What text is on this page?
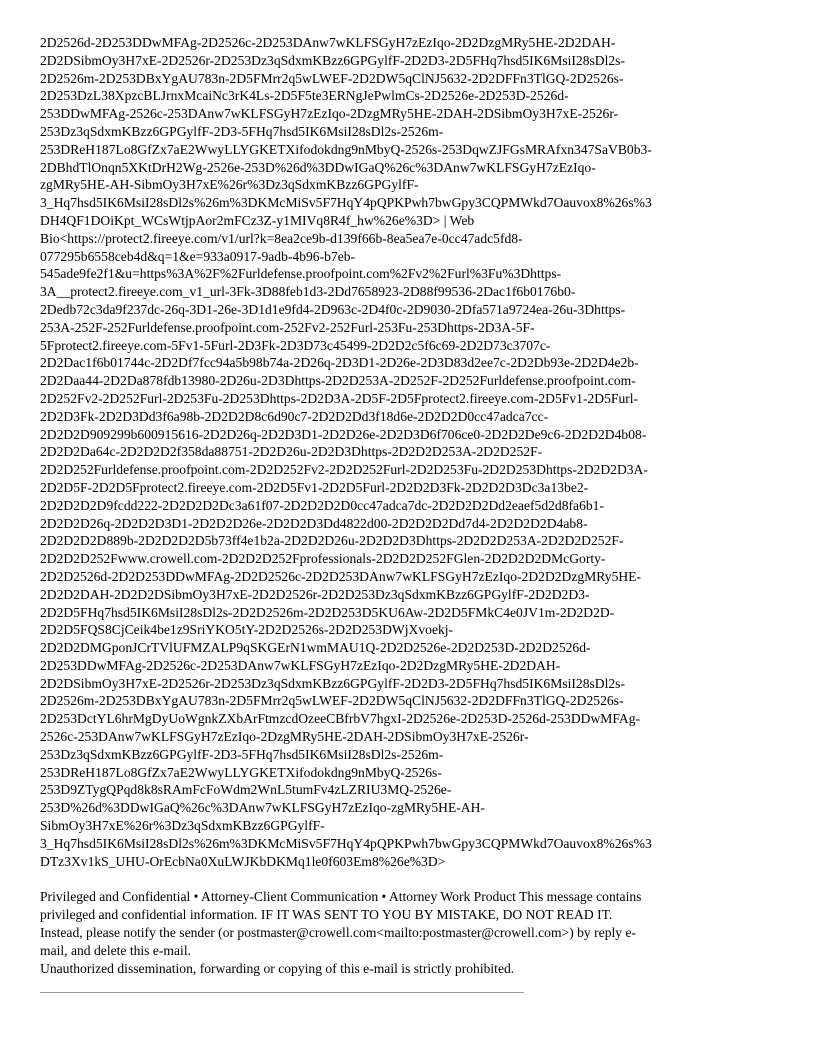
2D2526d-2D253DDwMFAg-2D2526c-2D253DAnw7wKLFSGyH7zEzIqo-2D2DzgMRy5HE-2D2DAH-
2D2DSibmOy3H7xE-2D2526r-2D253Dz3qSdxmKBzz6GPGylfF-2D2D3-2D5FHq7hsd5IK6MsiI28sDl2s-
2D2526m-2D253DBxYgAU783n-2D5FMrr2q5wLWEF-2D2DW5qClNJ5632-2D2DFFn3TlGQ-2D2526s-
2D253DzL38XpzcBLJrnxMcaiNc3rK4Ls-2D5F5te3ERNgJePwlmCs-2D2526e-2D253D-2526d-
253DDwMFAg-2526c-253DAnw7wKLFSGyH7zEzIqo-2DzgMRy5HE-2DAH-2DSibmOy3H7xE-2526r-
253Dz3qSdxmKBzz6GPGylfF-2D3-5FHq7hsd5IK6MsiI28sDl2s-2526m-
253DReH187Lo8GfZx7aE2WwyLLYGKETXifodokdng9nMbyQ-2526s-253DqwZJFGsMRAfxn347SaVB0b3-
2DBhdTlOnqn5XKtDrH2Wg-2526e-253D%26d%3DDwIGaQ%26c%3DAnw7wKLFSGyH7zEzIqo-
zgMRy5HE-AH-SibmOy3H7xE%26r%3Dz3qSdxmKBzz6GPGylfF-
3_Hq7hsd5IK6MsiI28sDl2s%26m%3DKMcMiSv5F7HqY4pQPKPwh7bwGpy3CQPMWkd7Oauvox8%26s%3
DH4QF1DOiKpt_WCsWtjpAor2mFCz3Z-y1MIVq8R4f_hw%26e%3D> | Web
Bio<https://protect2.fireeye.com/v1/url?k=8ea2ce9b-d139f66b-8ea5ea7e-0cc47adc5fd8-
077295b6558ceb4d&q=1&e=933a0917-9adb-4b96-b7eb-
545ade9fe2f1&u=https%3A%2F%2Furldefense.proofpoint.com%2Fv2%2Furl%3Fu%3Dhttps-
3A__protect2.fireeye.com_v1_url-3Fk-3D88feb1d3-2Dd7658923-2D88f99536-2Dac1f6b0176b0-
2Dedb72c3da9f237dc-26q-3D1-26e-3D1d1e9fd4-2D963c-2D4f0c-2D9030-2Dfa571a9724ea-26u-3Dhttps-
253A-252F-252Furldefense.proofpoint.com-252Fv2-252Furl-253Fu-253Dhttps-2D3A-5F-
5Fprotect2.fireeye.com-5Fv1-5Furl-2D3Fk-2D3D73c45499-2D2D2c5f6c69-2D2D73c3707c-
2D2Dac1f6b01744c-2D2Df7fcc94a5b98b74a-2D26q-2D3D1-2D26e-2D3D83d2ee7c-2D2Db93e-2D2D4e2b-
2D2Daa44-2D2Da878fdb13980-2D26u-2D3Dhttps-2D2D253A-2D252F-2D252Furldefense.proofpoint.com-
2D252Fv2-2D252Furl-2D253Fu-2D253Dhttps-2D2D3A-2D5F-2D5Fprotect2.fireeye.com-2D5Fv1-2D5Furl-
2D2D3Fk-2D2D3Dd3f6a98b-2D2D2D8c6d90c7-2D2D2Dd3f18d6e-2D2D2D0cc47adca7cc-
2D2D2D909299b600915616-2D2D26q-2D2D3D1-2D2D26e-2D2D3D6f706ce0-2D2D2De9c6-2D2D2D4b08-
2D2D2Da64c-2D2D2D2f358da88751-2D2D26u-2D2D3Dhttps-2D2D2D253A-2D2D252F-
2D2D252Furldefense.proofpoint.com-2D2D252Fv2-2D2D252Furl-2D2D253Fu-2D2D253Dhttps-2D2D2D3A-
2D2D5F-2D2D5Fprotect2.fireeye.com-2D2D5Fv1-2D2D5Furl-2D2D2D3Fk-2D2D2D3Dc3a13be2-
2D2D2D2D9fcdd222-2D2D2D2Dc3a61f07-2D2D2D2D0cc47adca7dc-2D2D2D2Dd2eaef5d2d8fa6b1-
2D2D2D26q-2D2D2D3D1-2D2D2D26e-2D2D2D3Dd4822d00-2D2D2D2Dd7d4-2D2D2D2D4ab8-
2D2D2D2D889b-2D2D2D2D5b73ff4e1b2a-2D2D2D26u-2D2D2D3Dhttps-2D2D2D253A-2D2D2D252F-
2D2D2D252Fwww.crowell.com-2D2D2D252Fprofessionals-2D2D2D252FGlen-2D2D2D2DMcGorty-
2D2D2526d-2D2D253DDwMFAg-2D2D2526c-2D2D253DAnw7wKLFSGyH7zEzIqo-2D2D2DzgMRy5HE-
2D2D2DAH-2D2D2DSibmOy3H7xE-2D2D2526r-2D2D253Dz3qSdxmKBzz6GPGylfF-2D2D2D3-
2D2D5FHq7hsd5IK6MsiI28sDl2s-2D2D2526m-2D2D253D5KU6Aw-2D2D5FMkC4e0JV1m-2D2D2D-
2D2D5FQS8CjCeik4be1z9SriYKO5tY-2D2D2526s-2D2D253DWjXvoekj-
2D2D2DMGponJCrTVlUFMZALP9qSKGErN1wmMAU1Q-2D2D2526e-2D2D253D-2D2D2526d-
2D253DDwMFAg-2D2526c-2D253DAnw7wKLFSGyH7zEzIqo-2D2DzgMRy5HE-2D2DAH-
2D2DSibmOy3H7xE-2D2526r-2D253Dz3qSdxmKBzz6GPGylfF-2D2D3-2D5FHq7hsd5IK6MsiI28sDl2s-
2D2526m-2D253DBxYgAU783n-2D5FMrr2q5wLWEF-2D2DW5qClNJ5632-2D2DFFn3TlGQ-2D2526s-
2D253DctYL6hrMgDyUoWgnkZXbArFtmzcdOzeeCBfrbV7hgxI-2D2526e-2D253D-2526d-253DDwMFAg-
2526c-253DAnw7wKLFSGyH7zEzIqo-2DzgMRy5HE-2DAH-2DSibmOy3H7xE-2526r-
253Dz3qSdxmKBzz6GPGylfF-2D3-5FHq7hsd5IK6MsiI28sDl2s-2526m-
253DReH187Lo8GfZx7aE2WwyLLYGKETXifodokdng9nMbyQ-2526s-
253D9ZTygQPqd8k8sRAmFcFoWdm2WnL5tumFv4zLZRIU3MQ-2526e-
253D%26d%3DDwIGaQ%26c%3DAnw7wKLFSGyH7zEzIqo-zgMRy5HE-AH-
SibmOy3H7xE%26r%3Dz3qSdxmKBzz6GPGylfF-
3_Hq7hsd5IK6MsiI28sDl2s%26m%3DKMcMiSv5F7HqY4pQPKPwh7bwGpy3CQPMWkd7Oauvox8%26s%3
DTz3Xv1kS_UHU-OrEcbNa0XuLWJKbDKMq1le0f603Em8%26e%3D>
Privileged and Confidential • Attorney-Client Communication • Attorney Work Product This message contains
privileged and confidential information. IF IT WAS SENT TO YOU BY MISTAKE, DO NOT READ IT.
Instead, please notify the sender (or postmaster@crowell.com<mailto:postmaster@crowell.com>) by reply e-
mail, and delete this e-mail.
Unauthorized dissemination, forwarding or copying of this e-mail is strictly prohibited.
